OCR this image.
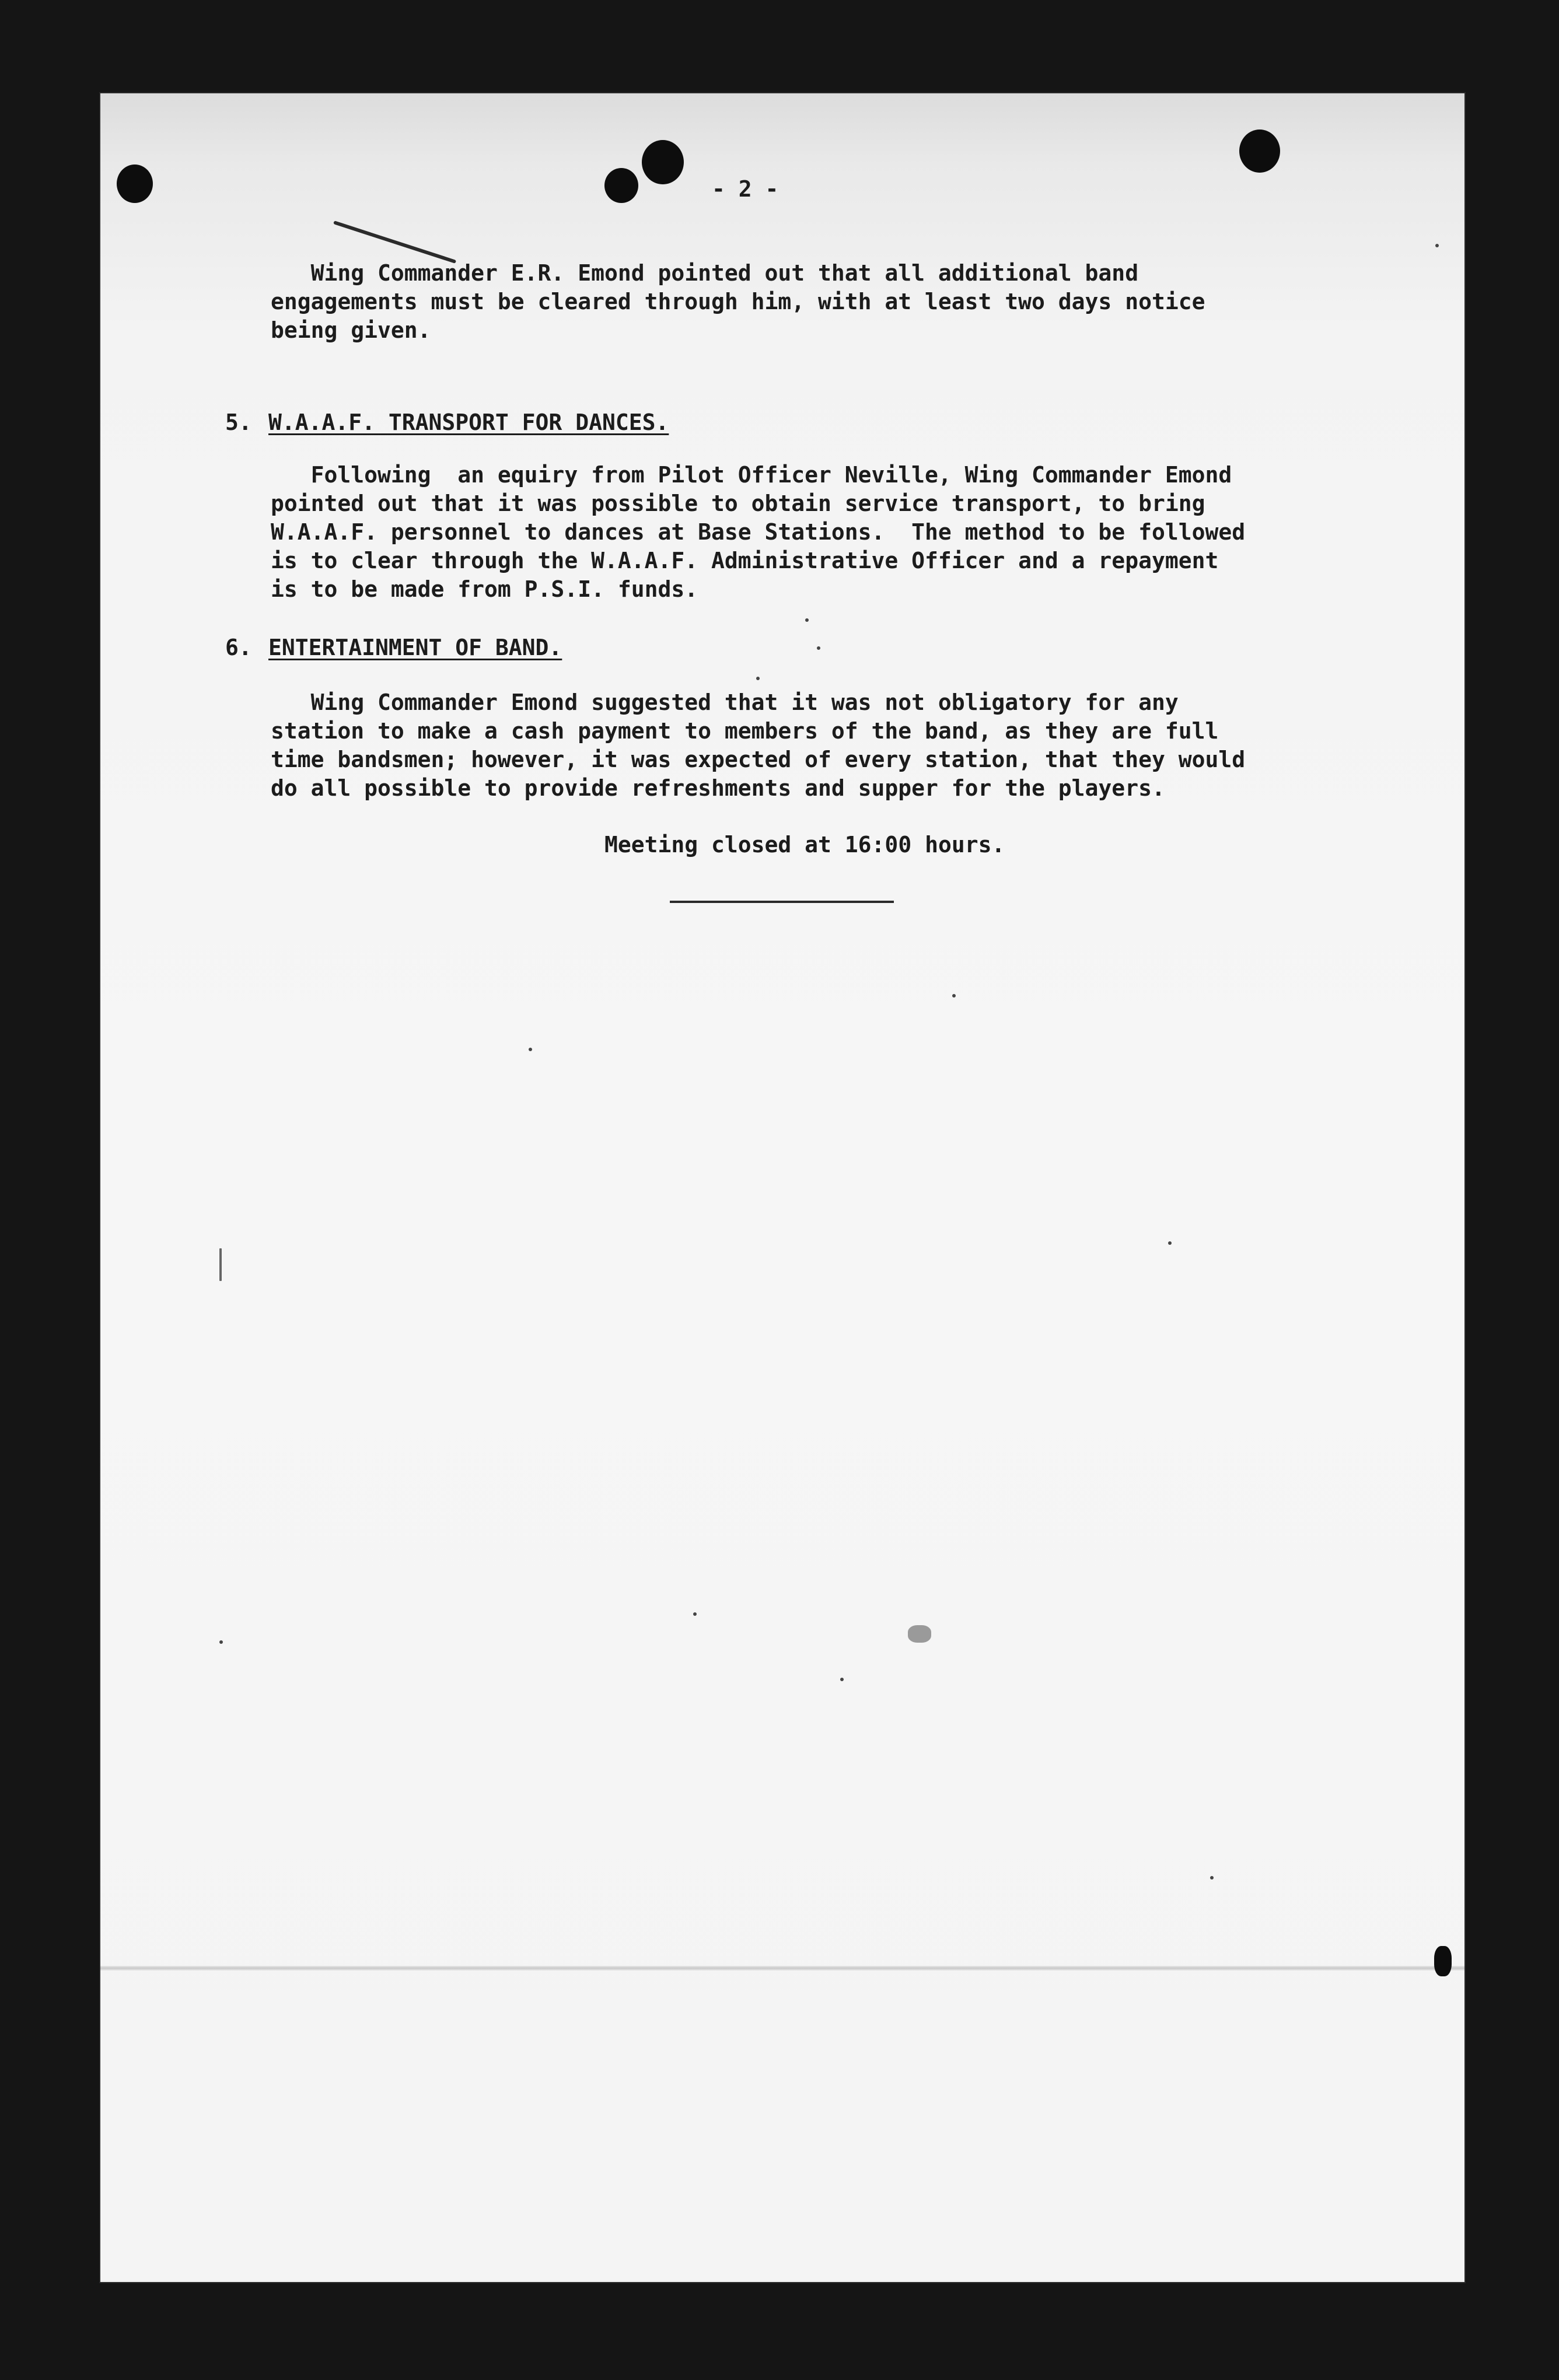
- 2 -
Wing Commander E.R. Emond pointed out that all additional band
engagements must be cleared through him, with at least two days notice
being given.
5. W.A.A.F. TRANSPORT FOR DANCES.
Following  an equiry from Pilot Officer Neville, Wing Commander Emond
pointed out that it was possible to obtain service transport, to bring
W.A.A.F. personnel to dances at Base Stations.  The method to be followed
is to clear through the W.A.A.F. Administrative Officer and a repayment
is to be made from P.S.I. funds.
6. ENTERTAINMENT OF BAND.
Wing Commander Emond suggested that it was not obligatory for any
station to make a cash payment to members of the band, as they are full
time bandsmen; however, it was expected of every station, that they would
do all possible to provide refreshments and supper for the players.
Meeting closed at 16:00 hours.
